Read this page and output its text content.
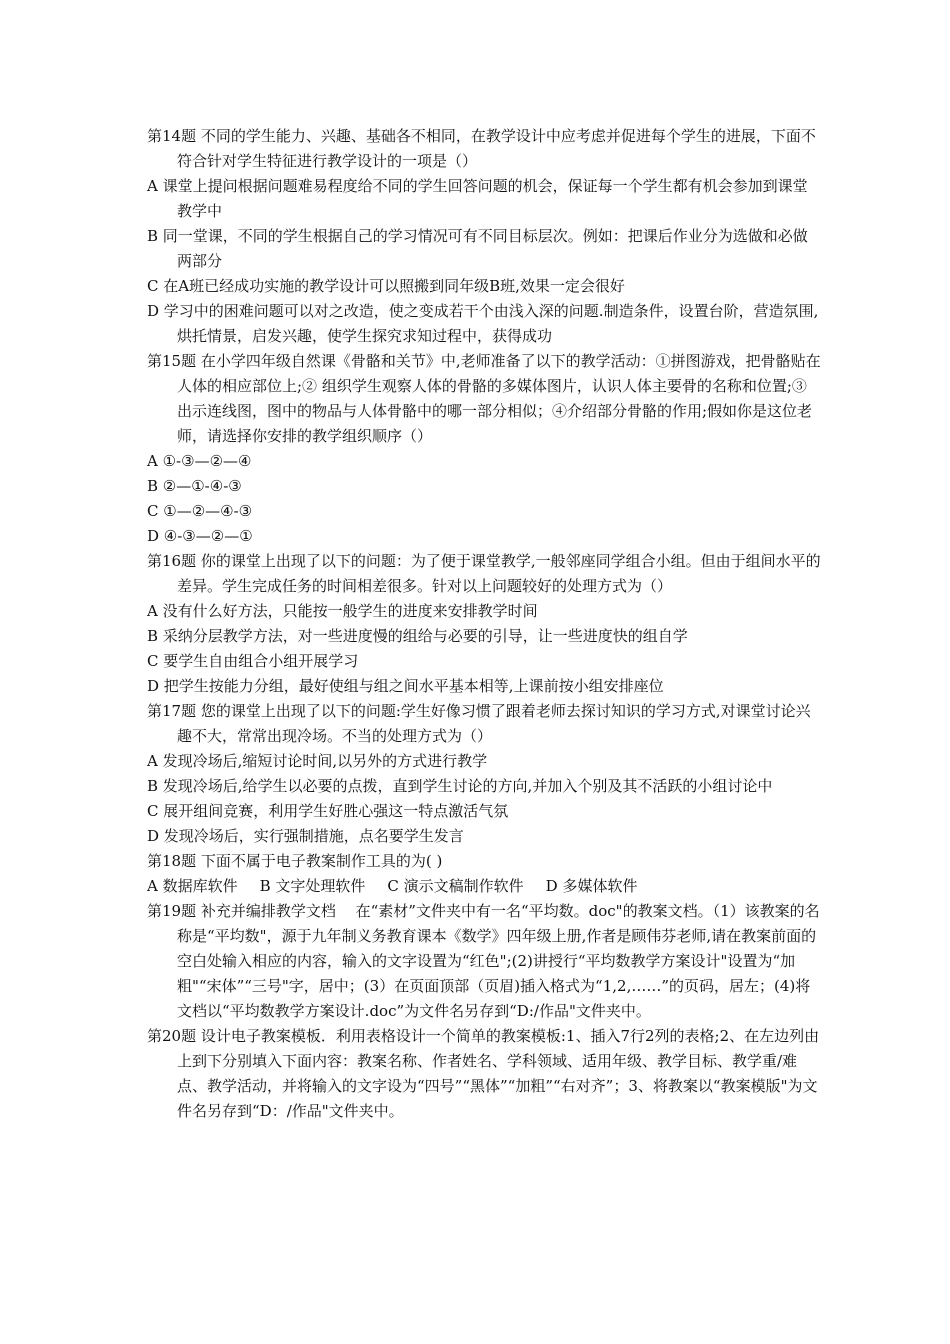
第14题 不同的学生能力、兴趣、基础各不相同，在教学设计中应考虑并促进每个学生的进展，下面不符合针对学生特征进行教学设计的一项是（）

A 课堂上提问根据问题难易程度给不同的学生回答问题的机会，保证每一个学生都有机会参加到课堂教学中

B 同一堂课，不同的学生根据自己的学习情况可有不同目标层次。例如：把课后作业分为选做和必做两部分

C 在A班已经成功实施的教学设计可以照搬到同年级B班,效果一定会很好

D 学习中的困难问题可以对之改造，使之变成若干个由浅入深的问题.制造条件，设置台阶，营造氛围,烘托情景，启发兴趣，使学生探究求知过程中，获得成功

第15题 在小学四年级自然课《骨骼和关节》中,老师准备了以下的教学活动：①拼图游戏，把骨骼贴在人体的相应部位上;② 组织学生观察人体的骨骼的多媒体图片，认识人体主要骨的名称和位置;③ 出示连线图，图中的物品与人体骨骼中的哪一部分相似；④介绍部分骨骼的作用;假如你是这位老师，请选择你安排的教学组织顺序（）

A ①-③—②—④

B ②—①-④-③

C ①—②—④-③

D ④-③—②—①

第16题 你的课堂上出现了以下的问题：为了便于课堂教学,一般邻座同学组合小组。但由于组间水平的差异。学生完成任务的时间相差很多。针对以上问题较好的处理方式为（）

A 没有什么好方法，只能按一般学生的进度来安排教学时间

B 采纳分层教学方法，对一些进度慢的组给与必要的引导，让一些进度快的组自学

C 要学生自由组合小组开展学习

D 把学生按能力分组，最好使组与组之间水平基本相等,上课前按小组安排座位

第17题 您的课堂上出现了以下的问题:学生好像习惯了跟着老师去探讨知识的学习方式,对课堂讨论兴趣不大，常常出现冷场。不当的处理方式为（）

A 发现冷场后,缩短讨论时间,以另外的方式进行教学

B 发现冷场后,给学生以必要的点拨，直到学生讨论的方向,并加入个别及其不活跃的小组讨论中

C 展开组间竞赛，利用学生好胜心强这一特点激活气氛

D 发现冷场后，实行强制措施，点名要学生发言

第18题 下面不属于电子教案制作工具的为( )

A 数据库软件 B 文字处理软件 C 演示文稿制作软件 D 多媒体软件

第19题 补充并编排教学文档　 在“素材”文件夹中有一名“平均数。doc"的教案文档。（1）该教案的名称是“平均数"，源于九年制义务教育课本《数学》四年级上册,作者是顾伟芬老师,请在教案前面的空白处输入相应的内容，输入的文字设置为“红色";(2)讲授行“平均数教学方案设计"设置为“加粗"“宋体”“三号"字，居中；(3）在页面顶部（页眉)插入格式为“1,2,……”的页码，居左；(4)将文档以“平均数教学方案设计.doc”为文件名另存到“D:/作品"文件夹中。

第20题 设计电子教案模板．利用表格设计一个简单的教案模板:1、插入7行2列的表格;2、在左边列由上到下分别填入下面内容：教案名称、作者姓名、学科领域、适用年级、教学目标、教学重/难点、教学活动，并将输入的文字设为“四号”“黑体”“加粗”“右对齐”；3、将教案以“教案模版"为文件名另存到“D：/作品"文件夹中。
